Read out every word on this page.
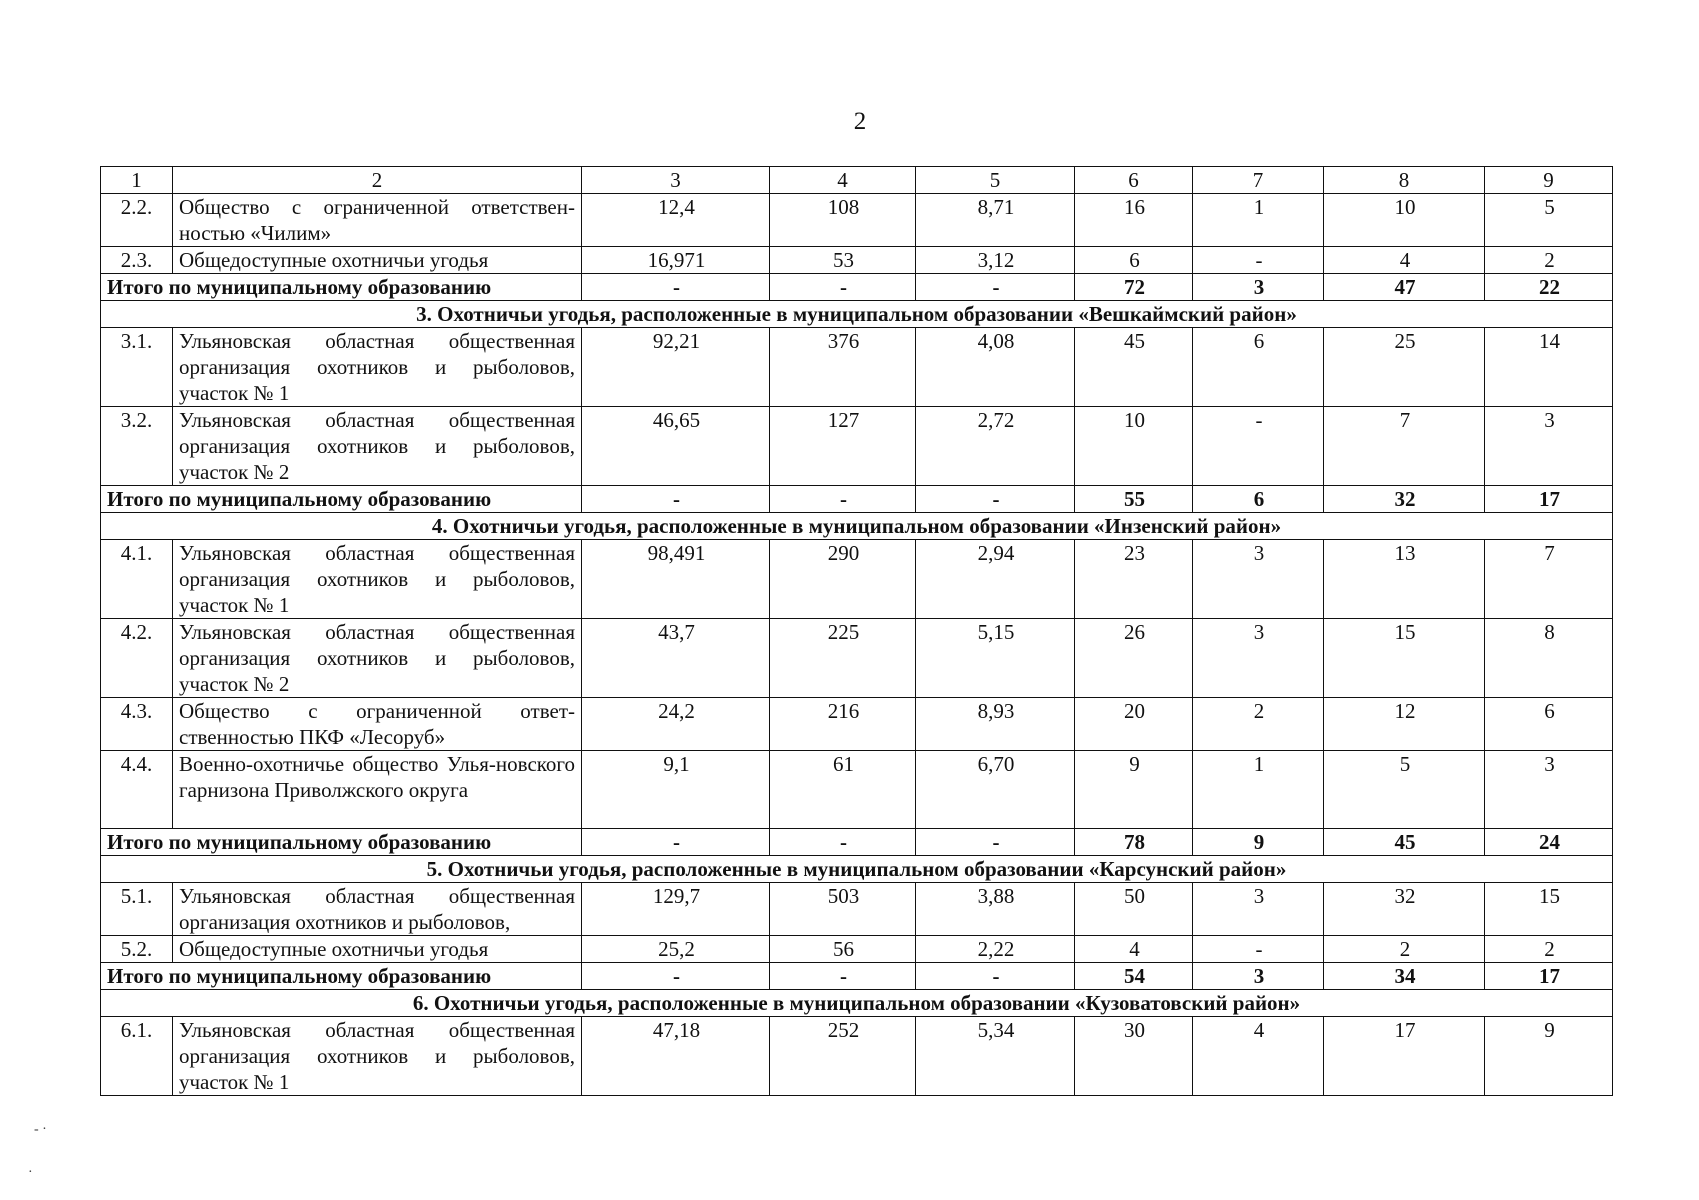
2
1	2	3	4	5	6	7	8	9
2.2.	Общество с ограниченной ответствен-ностью «Чилим»	12,4	108	8,71	16	1	10	5
2.3.	Общедоступные охотничьи угодья	16,971	53	3,12	6	-	4	2
Итого по муниципальному образованию		-	-	-	72	3	47	22
3. Охотничьи угодья, расположенные в муниципальном образовании «Вешкаймский район»								
3.1.	Ульяновская областная общественная организация охотников и рыболовов, участок № 1	92,21	376	4,08	45	6	25	14
3.2.	Ульяновская областная общественная организация охотников и рыболовов, участок № 2	46,65	127	2,72	10	-	7	3
Итого по муниципальному образованию		-	-	-	55	6	32	17
4. Охотничьи угодья, расположенные в муниципальном образовании «Инзенский район»								
4.1.	Ульяновская областная общественная организация охотников и рыболовов, участок № 1	98,491	290	2,94	23	3	13	7
4.2.	Ульяновская областная общественная организация охотников и рыболовов, участок № 2	43,7	225	5,15	26	3	15	8
4.3.	Общество с ограниченной ответ-ственностью ПКФ «Лесоруб»	24,2	216	8,93	20	2	12	6
4.4.	Военно-охотничье общество Улья-новского гарнизона Приволжского округа	9,1	61	6,70	9	1	5	3
Итого по муниципальному образованию		-	-	-	78	9	45	24
5. Охотничьи угодья, расположенные в муниципальном образовании «Карсунский район»								
5.1.	Ульяновская областная общественная организация охотников и рыболовов,	129,7	503	3,88	50	3	32	15
5.2.	Общедоступные охотничьи угодья	25,2	56	2,22	4	-	2	2
Итого по муниципальному образованию		-	-	-	54	3	34	17
6. Охотничьи угодья, расположенные в муниципальном образовании «Кузоватовский район»								
6.1.	Ульяновская областная общественная организация охотников и рыболовов, участок № 1	47,18	252	5,34	30	4	17	9
- ·
·
